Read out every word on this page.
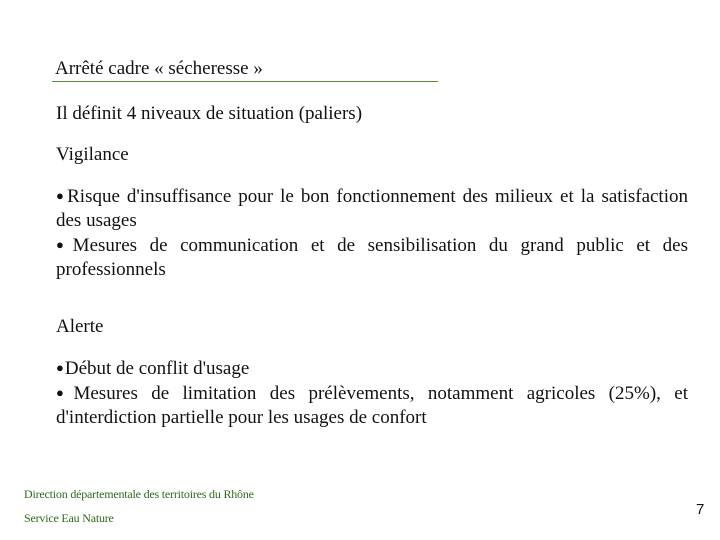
Arrêté cadre « sécheresse »
Il définit 4 niveaux de situation (paliers)
Vigilance
●Risque d'insuffisance pour le bon fonctionnement des milieux et la satisfaction des usages
●Mesures de communication et de sensibilisation du grand public et des professionnels
Alerte
●Début de conflit d'usage
●Mesures de limitation des prélèvements, notamment agricoles (25%), et d'interdiction partielle pour les usages de confort
Direction départementale des territoires du Rhône
Service Eau Nature	7
